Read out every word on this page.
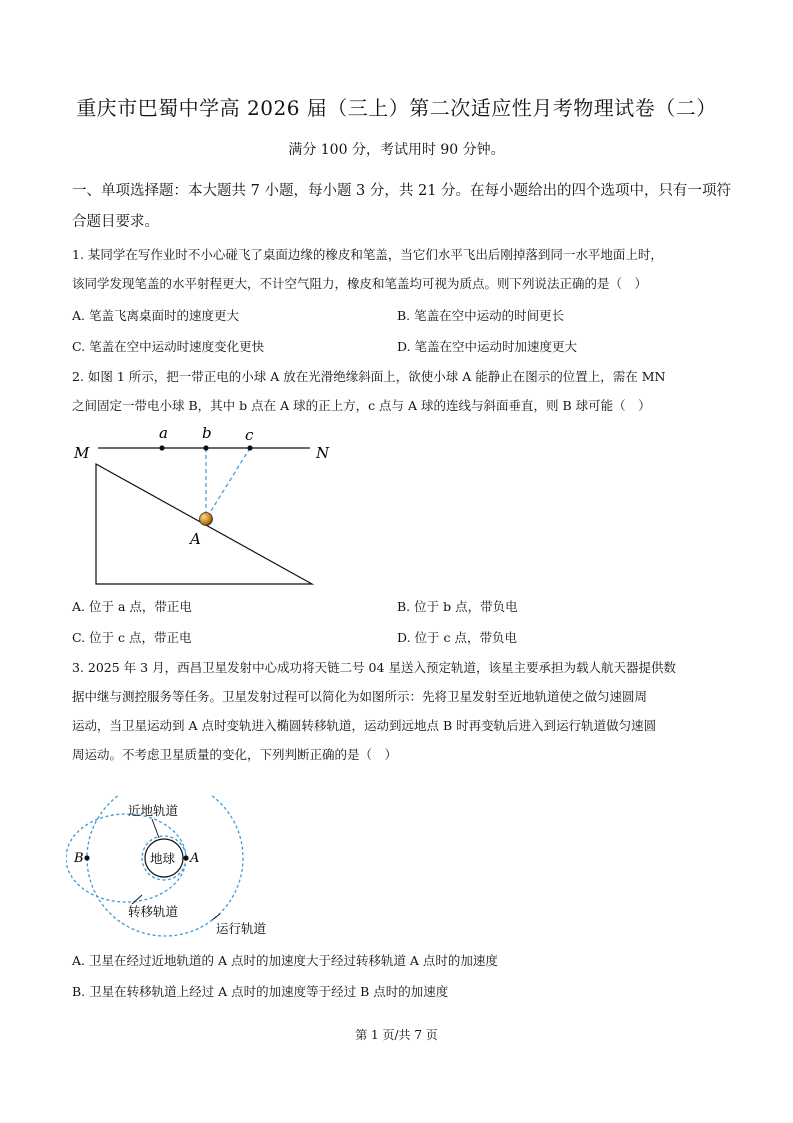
重庆市巴蜀中学高 2026 届（三上）第二次适应性月考物理试卷（二）
满分 100 分，考试用时 90 分钟。
一、单项选择题：本大题共 7 小题，每小题 3 分，共 21 分。在每小题给出的四个选项中，只有一项符合题目要求。
1. 某同学在写作业时不小心碰飞了桌面边缘的橡皮和笔盖，当它们水平飞出后刚掉落到同一水平地面上时，
该同学发现笔盖的水平射程更大，不计空气阻力，橡皮和笔盖均可视为质点。则下列说法正确的是（　）
A. 笔盖飞离桌面时的速度更大	B. 笔盖在空中运动的时间更长
C. 笔盖在空中运动时速度变化更快	D. 笔盖在空中运动时加速度更大
2. 如图 1 所示，把一带正电的小球 A 放在光滑绝缘斜面上，欲使小球 A 能静止在图示的位置上，需在 MN
之间固定一带电小球 B，其中 b 点在 A 球的正上方，c 点与 A 球的连线与斜面垂直，则 B 球可能（　）
M	N
a b c
A
A. 位于 a 点，带正电	B. 位于 b 点，带负电
C. 位于 c 点，带正电	D. 位于 c 点，带负电
3. 2025 年 3 月，西昌卫星发射中心成功将天链二号 04 星送入预定轨道，该星主要承担为载人航天器提供数
据中继与测控服务等任务。卫星发射过程可以简化为如图所示：先将卫星发射至近地轨道使之做匀速圆周
运动，当卫星运动到 A 点时变轨进入椭圆转移轨道，运动到远地点 B 时再变轨后进入到运行轨道做匀速圆
周运动。不考虑卫星质量的变化，下列判断正确的是（　）
近地轨道
地球
转移轨道
运行轨道
B	A
A. 卫星在经过近地轨道的 A 点时的加速度大于经过转移轨道 A 点时的加速度
B. 卫星在转移轨道上经过 A 点时的加速度等于经过 B 点时的加速度
第 1 页/共 7 页
